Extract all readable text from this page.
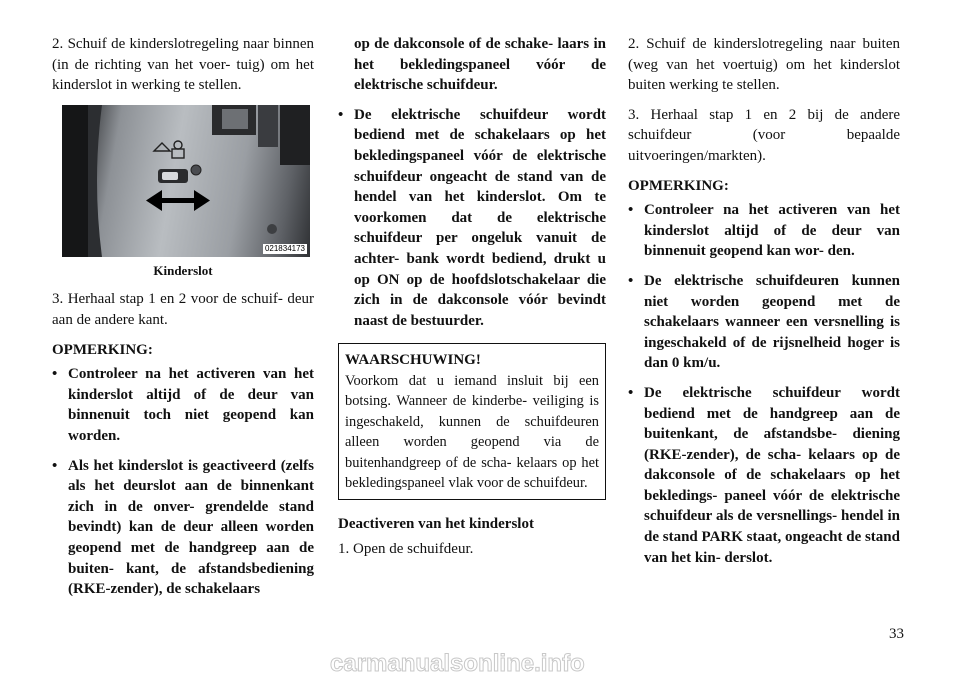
2. Schuif de kinderslotregeling naar binnen (in de richting van het voer- tuig) om het kinderslot in werking te stellen.

021834173
Kinderslot

3. Herhaal stap 1 en 2 voor de schuif- deur aan de andere kant.

OPMERKING:
• Controleer na het activeren van het kinderslot altijd of de deur van binnenuit toch niet geopend kan worden.
• Als het kinderslot is geactiveerd (zelfs als het deurslot aan de binnenkant zich in de onver- grendelde stand bevindt) kan de deur alleen worden geopend met de handgreep aan de buiten- kant, de afstandsbediening (RKE-zender), de schakelaars
op de dakconsole of de schake- laars in het bekledingspaneel vóór de elektrische schuifdeur.
• De elektrische schuifdeur wordt bediend met de schakelaars op het bekledingspaneel vóór de elektrische schuifdeur ongeacht de stand van de hendel van het kinderslot. Om te voorkomen dat de elektrische schuifdeur per ongeluk vanuit de achter- bank wordt bediend, drukt u op ON op de hoofdslotschakelaar die zich in de dakconsole vóór bevindt naast de bestuurder.
WAARSCHUWING!

Voorkom dat u iemand insluit bij een botsing. Wanneer de kinderbe- veiliging is ingeschakeld, kunnen de schuifdeuren alleen worden geopend via de buitenhandgreep of de scha- kelaars op het bekledingspaneel vlak voor de schuifdeur.

Deactiveren van het kinderslot

1. Open de schuifdeur.

2. Schuif de kinderslotregeling naar buiten (weg van het voertuig) om het kinderslot buiten werking te stellen.

3. Herhaal stap 1 en 2 bij de andere schuifdeur (voor bepaalde uitvoeringen/markten).

OPMERKING:
• Controleer na het activeren van het kinderslot altijd of de deur van binnenuit geopend kan wor- den.
• De elektrische schuifdeuren kunnen niet worden geopend met de schakelaars wanneer een versnelling is ingeschakeld of de rijsnelheid hoger is dan 0 km/u.
• De elektrische schuifdeur wordt bediend met de handgreep aan de buitenkant, de afstandsbe- diening (RKE-zender), de scha- kelaars op de dakconsole of de schakelaars op het bekledings- paneel vóór de elektrische schuifdeur als de versnellings- hendel in de stand PARK staat, ongeacht de stand van het kin- derslot.
33
carmanualsonline.info
